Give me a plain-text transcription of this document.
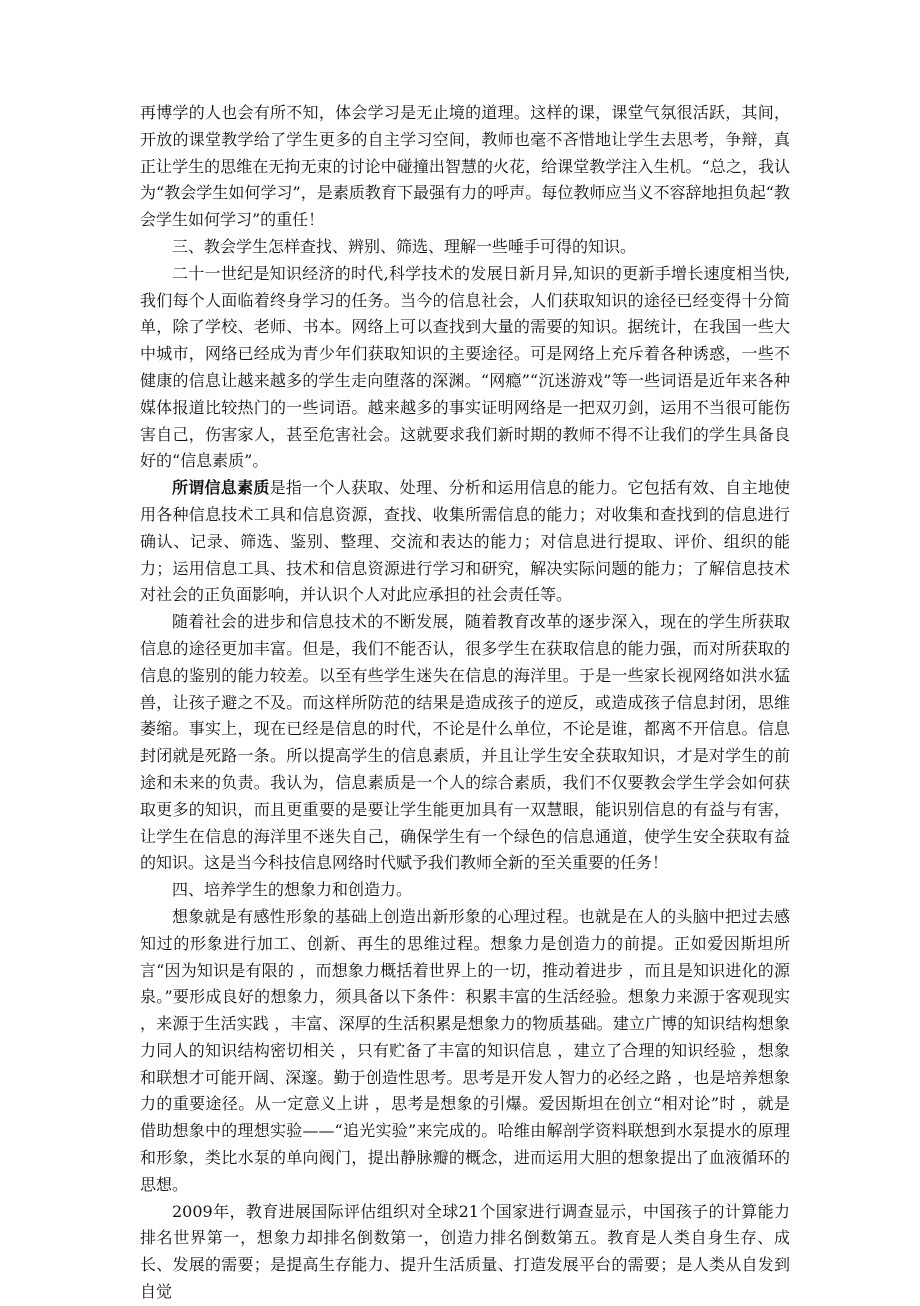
再博学的人也会有所不知，体会学习是无止境的道理。这样的课，课堂气氛很活跃，其间，开放的课堂教学给了学生更多的自主学习空间，教师也毫不吝惜地让学生去思考，争辩，真正让学生的思维在无拘无束的讨论中碰撞出智慧的火花，给课堂教学注入生机。“总之，我认为“教会学生如何学习”，是素质教育下最强有力的呼声。每位教师应当义不容辞地担负起“教会学生如何学习”的重任！

三、教会学生怎样查找、辨别、筛选、理解一些唾手可得的知识。

二十一世纪是知识经济的时代,科学技术的发展日新月异,知识的更新手增长速度相当快,我们每个人面临着终身学习的任务。当今的信息社会，人们获取知识的途径已经变得十分简单，除了学校、老师、书本。网络上可以查找到大量的需要的知识。据统计，在我国一些大中城市，网络已经成为青少年们获取知识的主要途径。可是网络上充斥着各种诱惑，一些不健康的信息让越来越多的学生走向堕落的深渊。“网瘾”“沉迷游戏”等一些词语是近年来各种媒体报道比较热门的一些词语。越来越多的事实证明网络是一把双刃剑，运用不当很可能伤害自己，伤害家人，甚至危害社会。这就要求我们新时期的教师不得不让我们的学生具备良好的“信息素质”。

所谓信息素质是指一个人获取、处理、分析和运用信息的能力。它包括有效、自主地使用各种信息技术工具和信息资源，查找、收集所需信息的能力；对收集和查找到的信息进行确认、记录、筛选、鉴别、整理、交流和表达的能力；对信息进行提取、评价、组织的能力；运用信息工具、技术和信息资源进行学习和研究，解决实际问题的能力；了解信息技术对社会的正负面影响，并认识个人对此应承担的社会责任等。

随着社会的进步和信息技术的不断发展，随着教育改革的逐步深入，现在的学生所获取信息的途径更加丰富。但是，我们不能否认，很多学生在获取信息的能力强，而对所获取的信息的鉴别的能力较差。以至有些学生迷失在信息的海洋里。于是一些家长视网络如洪水猛兽，让孩子避之不及。而这样所防范的结果是造成孩子的逆反，或造成孩子信息封闭，思维萎缩。事实上，现在已经是信息的时代，不论是什么单位，不论是谁，都离不开信息。信息封闭就是死路一条。所以提高学生的信息素质，并且让学生安全获取知识，才是对学生的前途和未来的负责。我认为，信息素质是一个人的综合素质，我们不仅要教会学生学会如何获取更多的知识，而且更重要的是要让学生能更加具有一双慧眼，能识别信息的有益与有害，让学生在信息的海洋里不迷失自己，确保学生有一个绿色的信息通道，使学生安全获取有益的知识。这是当今科技信息网络时代赋予我们教师全新的至关重要的任务！

四、培养学生的想象力和创造力。

想象就是有感性形象的基础上创造出新形象的心理过程。也就是在人的头脑中把过去感知过的形象进行加工、创新、再生的思维过程。想象力是创造力的前提。正如爱因斯坦所言“因为知识是有限的 ，而想象力概括着世界上的一切，推动着进步 ，而且是知识进化的源泉。”要形成良好的想象力，须具备以下条件：积累丰富的生活经验。想象力来源于客观现实 ，来源于生活实践 ，丰富、深厚的生活积累是想象力的物质基础。建立广博的知识结构想象力同人的知识结构密切相关 ，只有贮备了丰富的知识信息 ，建立了合理的知识经验 ，想象和联想才可能开阔、深邃。勤于创造性思考。思考是开发人智力的必经之路 ，也是培养想象力的重要途径。从一定意义上讲 ，思考是想象的引爆。爱因斯坦在创立“相对论”时 ，就是借助想象中的理想实验——“追光实验”来完成的。哈维由解剖学资料联想到水泵提水的原理和形象，类比水泵的单向阀门，提出静脉瓣的概念，进而运用大胆的想象提出了血液循环的思想。

2009年，教育进展国际评估组织对全球21个国家进行调查显示，中国孩子的计算能力排名世界第一，想象力却排名倒数第一，创造力排名倒数第五。教育是人类自身生存、成长、发展的需要；是提高生存能力、提升生活质量、打造发展平台的需要；是人类从自发到自觉
